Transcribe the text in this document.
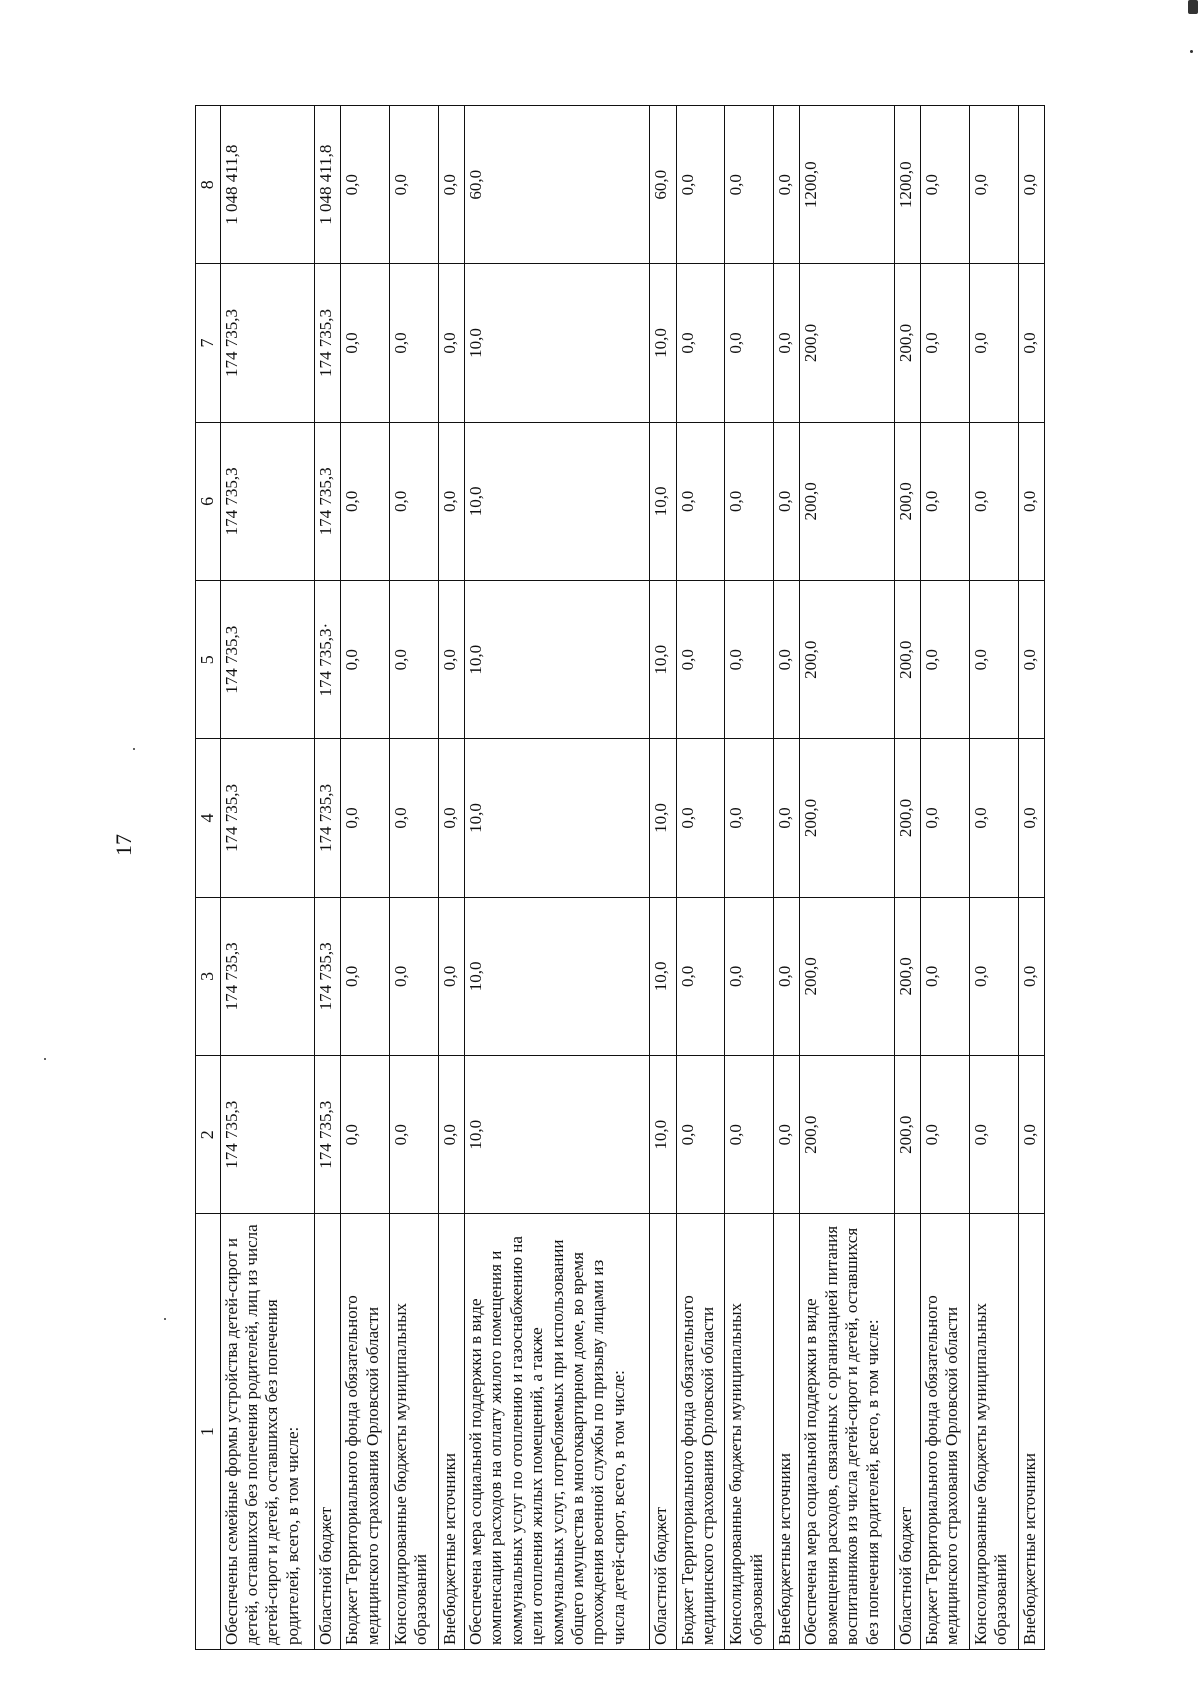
17
1	2	3	4	5	6	7	8
Обеспечены семейные формы устройства детей-сирот и детей, оставшихся без попечения родителей, лиц из числа детей-сирот и детей, оставшихся без попечения родителей, всего, в том числе:	174 735,3	174 735,3	174 735,3	174 735,3	174 735,3	174 735,3	1 048 411,8
Областной бюджет	174 735,3	174 735,3	174 735,3	174 735,3·	174 735,3	174 735,3	1 048 411,8
Бюджет Территориального фонда обязательного медицинского страхования Орловской области	0,0	0,0	0,0	0,0	0,0	0,0	0,0
Консолидированные бюджеты муниципальных образований	0,0	0,0	0,0	0,0	0,0	0,0	0,0
Внебюджетные источники	0,0	0,0	0,0	0,0	0,0	0,0	0,0
Обеспечена мера социальной поддержки в виде компенсации расходов на оплату жилого помещения и коммунальных услуг по отоплению и газоснабжению на цели отопления жилых помещений, а также коммунальных услуг, потребляемых при использовании общего имущества в многоквартирном доме, во время прохождения военной службы по призыву лицами из числа детей-сирот, всего, в том числе:	10,0	10,0	10,0	10,0	10,0	10,0	60,0
Областной бюджет	10,0	10,0	10,0	10,0	10,0	10,0	60,0
Бюджет Территориального фонда обязательного медицинского страхования Орловской области	0,0	0,0	0,0	0,0	0,0	0,0	0,0
Консолидированные бюджеты муниципальных образований	0,0	0,0	0,0	0,0	0,0	0,0	0,0
Внебюджетные источники	0,0	0,0	0,0	0,0	0,0	0,0	0,0
Обеспечена мера социальной поддержки в виде возмещения расходов, связанных с организацией питания воспитанников из числа детей-сирот и детей, оставшихся без попечения родителей, всего, в том числе:	200,0	200,0	200,0	200,0	200,0	200,0	1200,0
Областной бюджет	200,0	200,0	200,0	200,0	200,0	200,0	1200,0
Бюджет Территориального фонда обязательного медицинского страхования Орловской области	0,0	0,0	0,0	0,0	0,0	0,0	0,0
Консолидированные бюджеты муниципальных образований	0,0	0,0	0,0	0,0	0,0	0,0	0,0
Внебюджетные источники	0,0	0,0	0,0	0,0	0,0	0,0	0,0
